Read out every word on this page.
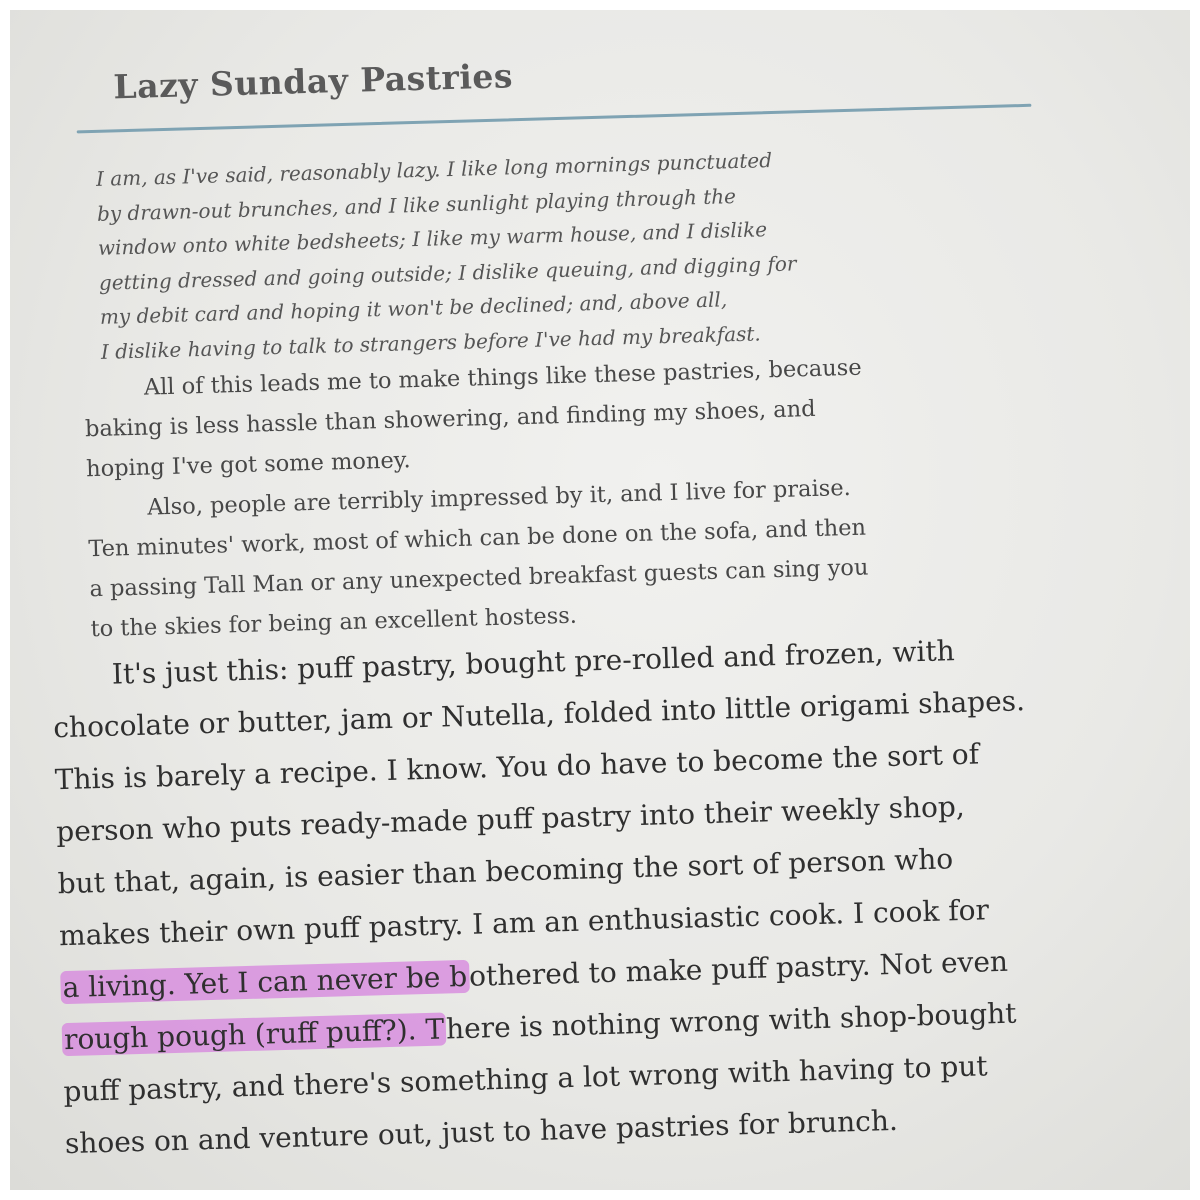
Lazy Sunday Pastries

I am, as I've said, reasonably lazy. I like long mornings punctuated
by drawn-out brunches, and I like sunlight playing through the
window onto white bedsheets; I like my warm house, and I dislike
getting dressed and going outside; I dislike queuing, and digging for
my debit card and hoping it won't be declined; and, above all,
I dislike having to talk to strangers before I've had my breakfast.

All of this leads me to make things like these pastries, because
baking is less hassle than showering, and finding my shoes, and
hoping I've got some money.
Also, people are terribly impressed by it, and I live for praise.
Ten minutes' work, most of which can be done on the sofa, and then
a passing Tall Man or any unexpected breakfast guests can sing you
to the skies for being an excellent hostess.

It's just this: puff pastry, bought pre-rolled and frozen, with
chocolate or butter, jam or Nutella, folded into little origami shapes.
This is barely a recipe. I know. You do have to become the sort of
person who puts ready-made puff pastry into their weekly shop,
but that, again, is easier than becoming the sort of person who
makes their own puff pastry. I am an enthusiastic cook. I cook for
a living. Yet I can never be bothered to make puff pastry. Not even
rough pough (ruff puff?). There is nothing wrong with shop-bought
puff pastry, and there's something a lot wrong with having to put
shoes on and venture out, just to have pastries for brunch.
